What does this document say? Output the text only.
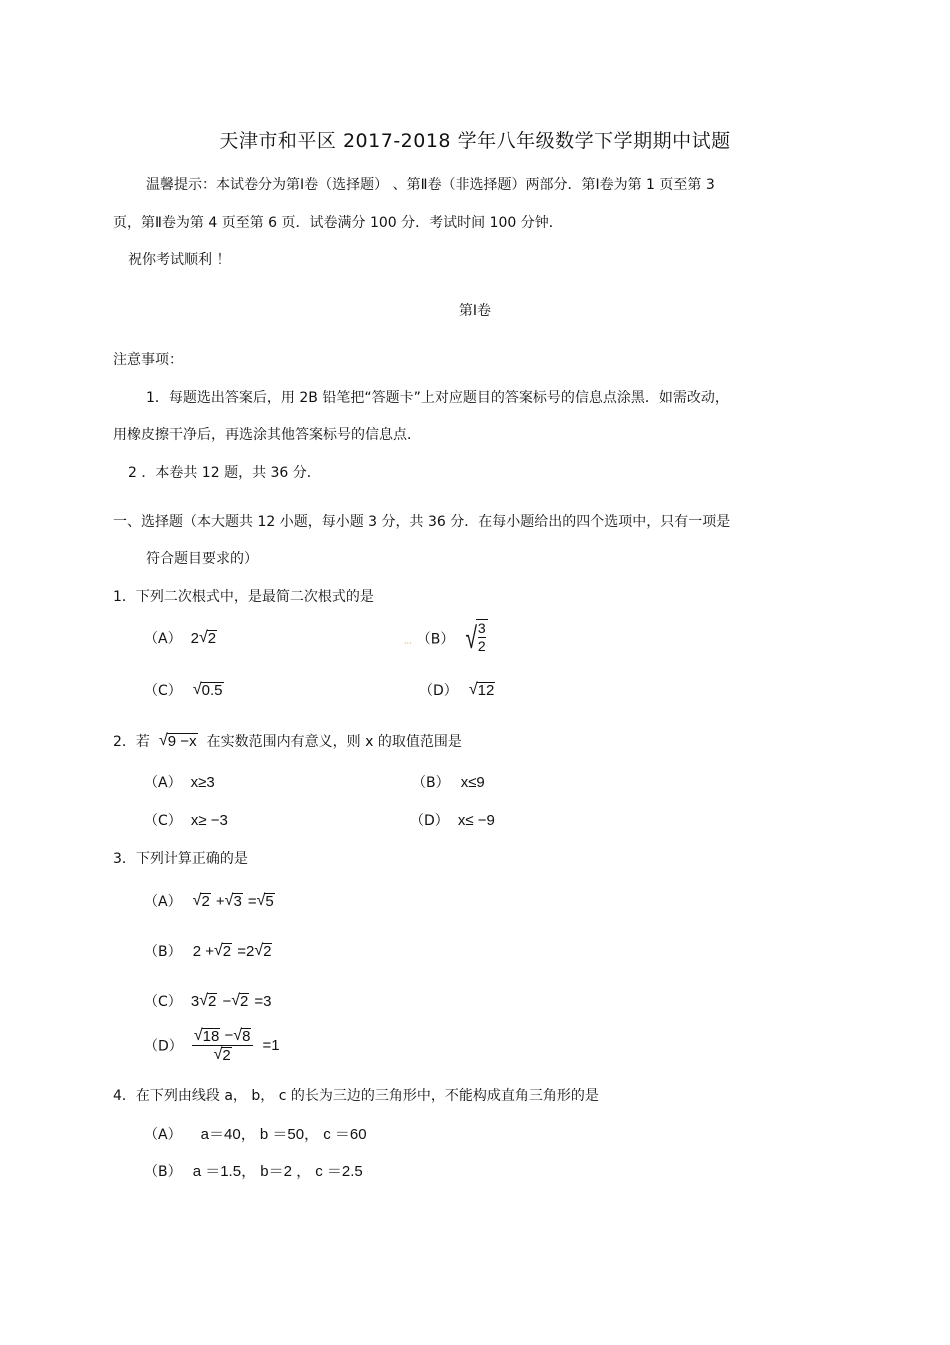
天津市和平区 2017-2018 学年八年级数学下学期期中试题
温馨提示：本试卷分为第Ⅰ卷（选择题） 、第Ⅱ卷（非选择题）两部分．第Ⅰ卷为第 1 页至第 3
页，第Ⅱ卷为第 4 页至第 6 页．试卷满分 100 分．考试时间 100 分钟．
祝你考试顺利 ！
第Ⅰ卷
注意事项：
1．每题选出答案后，用 2B 铅笔把“答题卡”上对应题目的答案标号的信息点涂黑．如需改动，
用橡皮擦干净后，再选涂其他答案标号的信息点．
2 ．本卷共 12 题，共 36 分．
一、选择题（本大题共 12 小题，每小题 3 分，共 36 分．在每小题给出的四个选项中，只有一项是
符合题目要求的）
1．下列二次根式中，是最简二次根式的是
（A） 2 √ 2	... （B） √ $\frac{3}{2}$
（C） √ 0.5	（D） √ 12
2．若 √ 9 −x 在实数范围内有意义，则 x 的取值范围是
（A） x≥3	（B） x≤9
（C） x≥ −3	（D） x≤ −9
3．下列计算正确的是
（A） √ 2 + √ 3 = √ 5
（B） 2 + √ 2 =2 √ 2
（C） 3 √ 2 − √ 2 =3
$(D) \frac{√ 18 - √ 8}{√ 2} =1$
4．在下列由线段 a， b， c 的长为三边的三角形中，不能构成直角三角形的是
（A） a＝40， b ＝50， c ＝60
（B） a ＝1.5， b＝2 ， c ＝2.5
